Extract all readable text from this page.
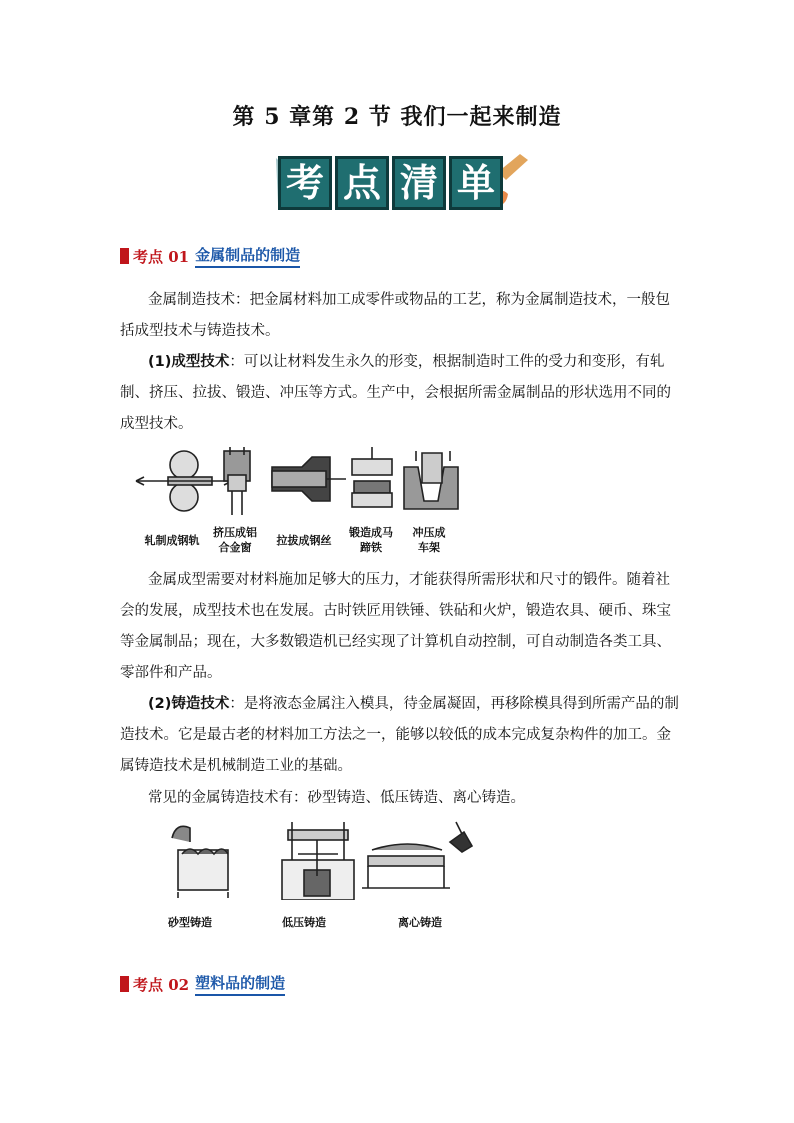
第 5 章第 2 节 我们一起来制造
考 点 清 单
考点 01 金属制品的制造
金属制造技术：把金属材料加工成零件或物品的工艺，称为金属制造技术，一般包括成型技术与铸造技术。
(1)成型技术：可以让材料发生永久的形变，根据制造时工件的受力和变形，有轧制、挤压、拉拔、锻造、冲压等方式。生产中，会根据所需金属制品的形状选用不同的成型技术。
轧制成钢轨
挤压成铝合金窗
拉拔成钢丝
锻造成马蹄铁
冲压成车架
金属成型需要对材料施加足够大的压力，才能获得所需形状和尺寸的锻件。随着社会的发展，成型技术也在发展。古时铁匠用铁锤、铁砧和火炉，锻造农具、硬币、珠宝等金属制品；现在，大多数锻造机已经实现了计算机自动控制，可自动制造各类工具、零部件和产品。
(2)铸造技术：是将液态金属注入模具，待金属凝固，再移除模具得到所需产品的制造技术。它是最古老的材料加工方法之一，能够以较低的成本完成复杂构件的加工。金属铸造技术是机械制造工业的基础。
常见的金属铸造技术有：砂型铸造、低压铸造、离心铸造。
砂型铸造	低压铸造	离心铸造
考点 02 塑料品的制造
